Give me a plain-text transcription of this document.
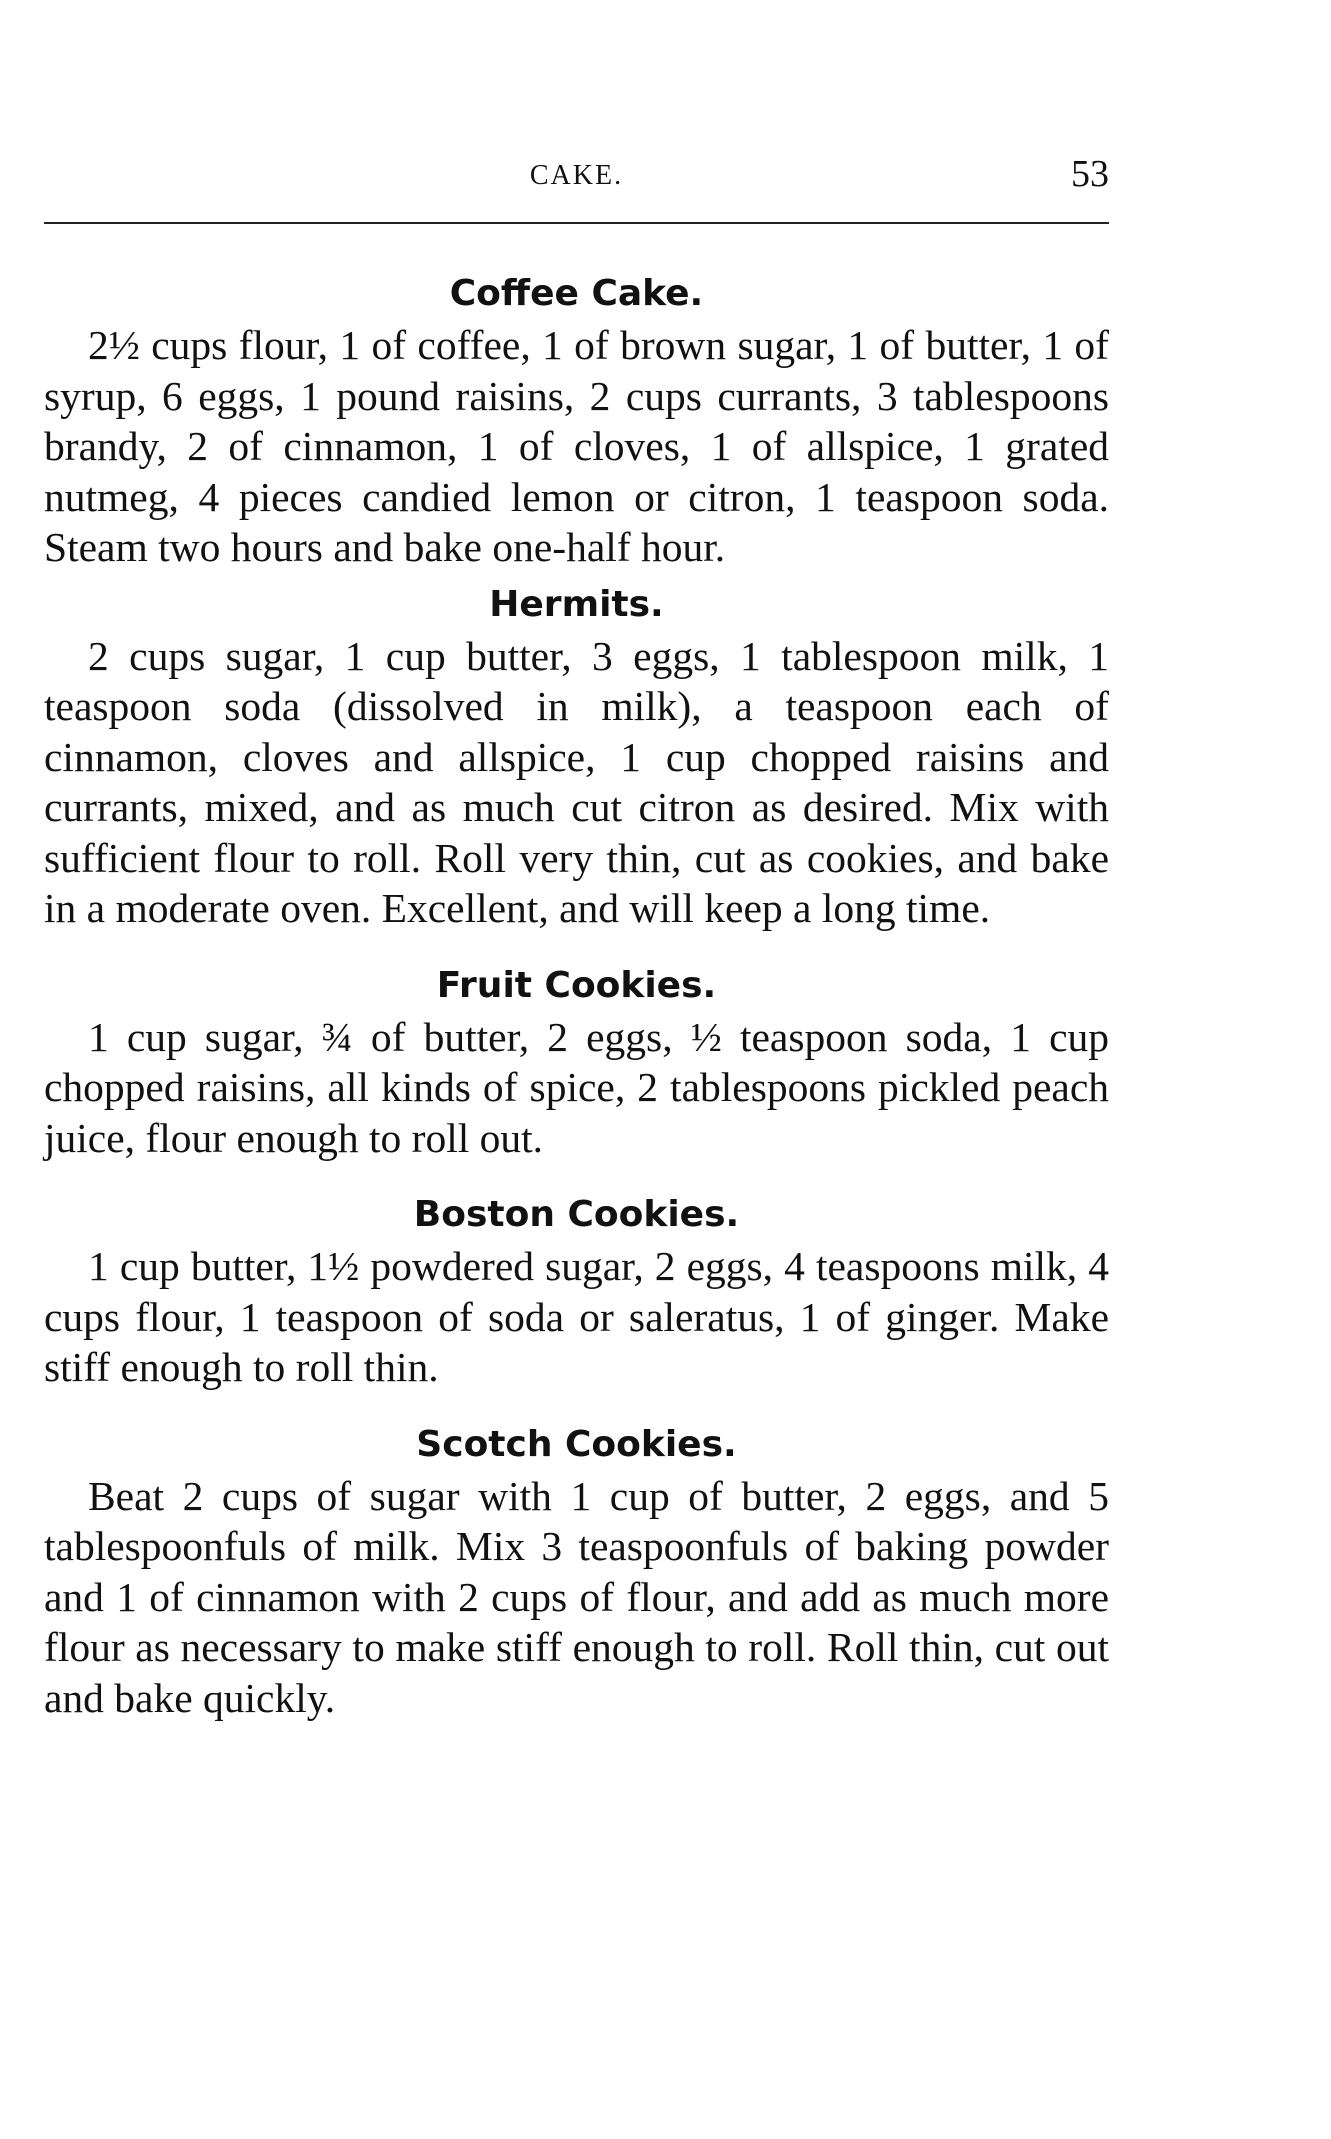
CAKE.	53
Coffee Cake.

2½ cups flour, 1 of coffee, 1 of brown sugar, 1 of butter, 1 of syrup, 6 eggs, 1 pound raisins, 2 cups currants, 3 tablespoons brandy, 2 of cinnamon, 1 of cloves, 1 of allspice, 1 grated nutmeg, 4 pieces candied lemon or citron, 1 teaspoon soda. Steam two hours and bake one-half hour.

Hermits.

2 cups sugar, 1 cup butter, 3 eggs, 1 tablespoon milk, 1 teaspoon soda (dissolved in milk), a teaspoon each of cinnamon, cloves and allspice, 1 cup chopped raisins and currants, mixed, and as much cut citron as desired. Mix with sufficient flour to roll. Roll very thin, cut as cookies, and bake in a moderate oven. Excellent, and will keep a long time.

Fruit Cookies.

1 cup sugar, ¾ of butter, 2 eggs, ½ teaspoon soda, 1 cup chopped raisins, all kinds of spice, 2 tablespoons pickled peach juice, flour enough to roll out.

Boston Cookies.

1 cup butter, 1½ powdered sugar, 2 eggs, 4 teaspoons milk, 4 cups flour, 1 teaspoon of soda or saleratus, 1 of ginger. Make stiff enough to roll thin.

Scotch Cookies.

Beat 2 cups of sugar with 1 cup of butter, 2 eggs, and 5 tablespoonfuls of milk. Mix 3 teaspoonfuls of baking powder and 1 of cinnamon with 2 cups of flour, and add as much more flour as necessary to make stiff enough to roll. Roll thin, cut out and bake quickly.
